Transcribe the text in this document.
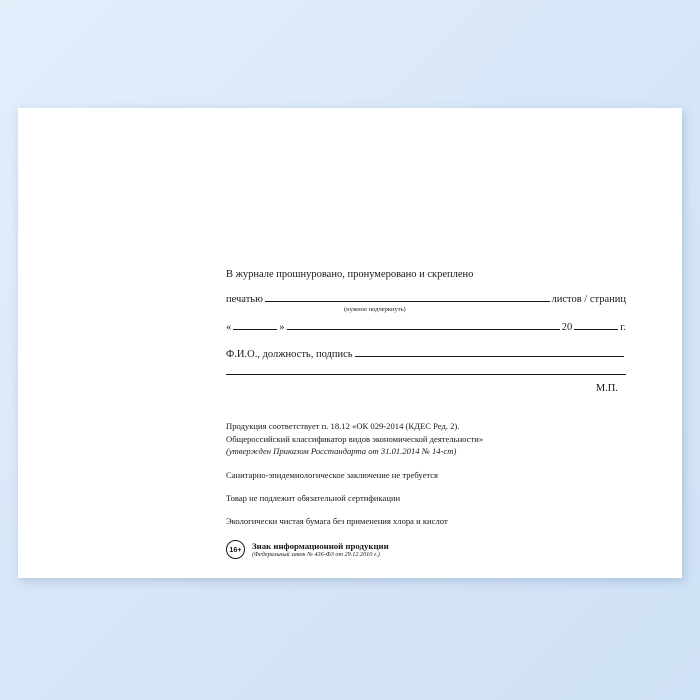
В журнале прошнуровано, пронумеровано и скреплено
печатью	листов / страниц
(нужное подчеркнуть)
«	»	20	г.
Ф.И.О., должность, подпись
М.П.
Продукция соответствует п. 18.12 «ОК 029-2014 (КДЕС Ред. 2).
Общероссийский классификатор видов экономической деятельности»
(утвержден Приказом Росстандарта от 31.01.2014 № 14-ст)
Санитарно-эпидемиологическое заключение не требуется
Товар не подлежит обязательной сертификации
Экологически чистая бумага без применения хлора и кислот
16+	Знак информационной продукции
(Федеральный закон № 436-Ф3 от 29.12.2010 г.)
